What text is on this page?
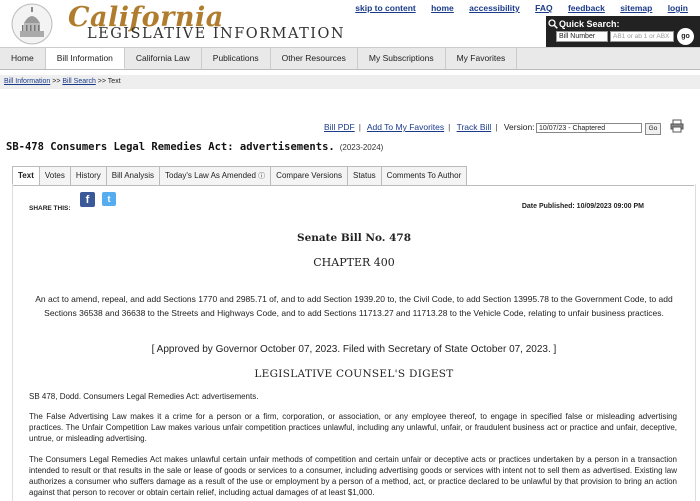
California
LEGISLATIVE INFORMATION
skip to content home accessibility FAQ feedback sitemap login
Quick Search:
Bill Number	AB1 or ab 1 or ABX	go
Home	Bill Information	California Law	Publications	Other Resources	My Subscriptions	My Favorites
Bill Information >> Bill Search >> Text
Bill PDF | Add To My Favorites | Track Bill | Version: 10/07/23 - Chaptered	Go
SB-478 Consumers Legal Remedies Act: advertisements. (2023-2024)
Text	Votes	History	Bill Analysis	Today's Law As Amended ⓘ	Compare Versions	Status	Comments To Author
SHARE THIS:
f	t
Date Published: 10/09/2023 09:00 PM
Senate Bill No. 478
CHAPTER 400
An act to amend, repeal, and add Sections 1770 and 2985.71 of, and to add Section 1939.20 to, the Civil Code, to add Section 13995.78 to the Government Code, to add Sections 36538 and 36638 to the Streets and Highways Code, and to add Sections 11713.27 and 11713.28 to the Vehicle Code, relating to unfair business practices.
[ Approved by Governor October 07, 2023. Filed with Secretary of State October 07, 2023. ]
LEGISLATIVE COUNSEL'S DIGEST
SB 478, Dodd. Consumers Legal Remedies Act: advertisements.
The False Advertising Law makes it a crime for a person or a firm, corporation, or association, or any employee thereof, to engage in specified false or misleading advertising practices. The Unfair Competition Law makes various unfair competition practices unlawful, including any unlawful, unfair, or fraudulent business act or practice and unfair, deceptive, untrue, or misleading advertising.
The Consumers Legal Remedies Act makes unlawful certain unfair methods of competition and certain unfair or deceptive acts or practices undertaken by a person in a transaction intended to result or that results in the sale or lease of goods or services to a consumer, including advertising goods or services with intent not to sell them as advertised. Existing law authorizes a consumer who suffers damage as a result of the use or employment by a person of a method, act, or practice declared to be unlawful by that provision to bring an action against that person to recover or obtain certain relief, including actual damages of at least $1,000.
